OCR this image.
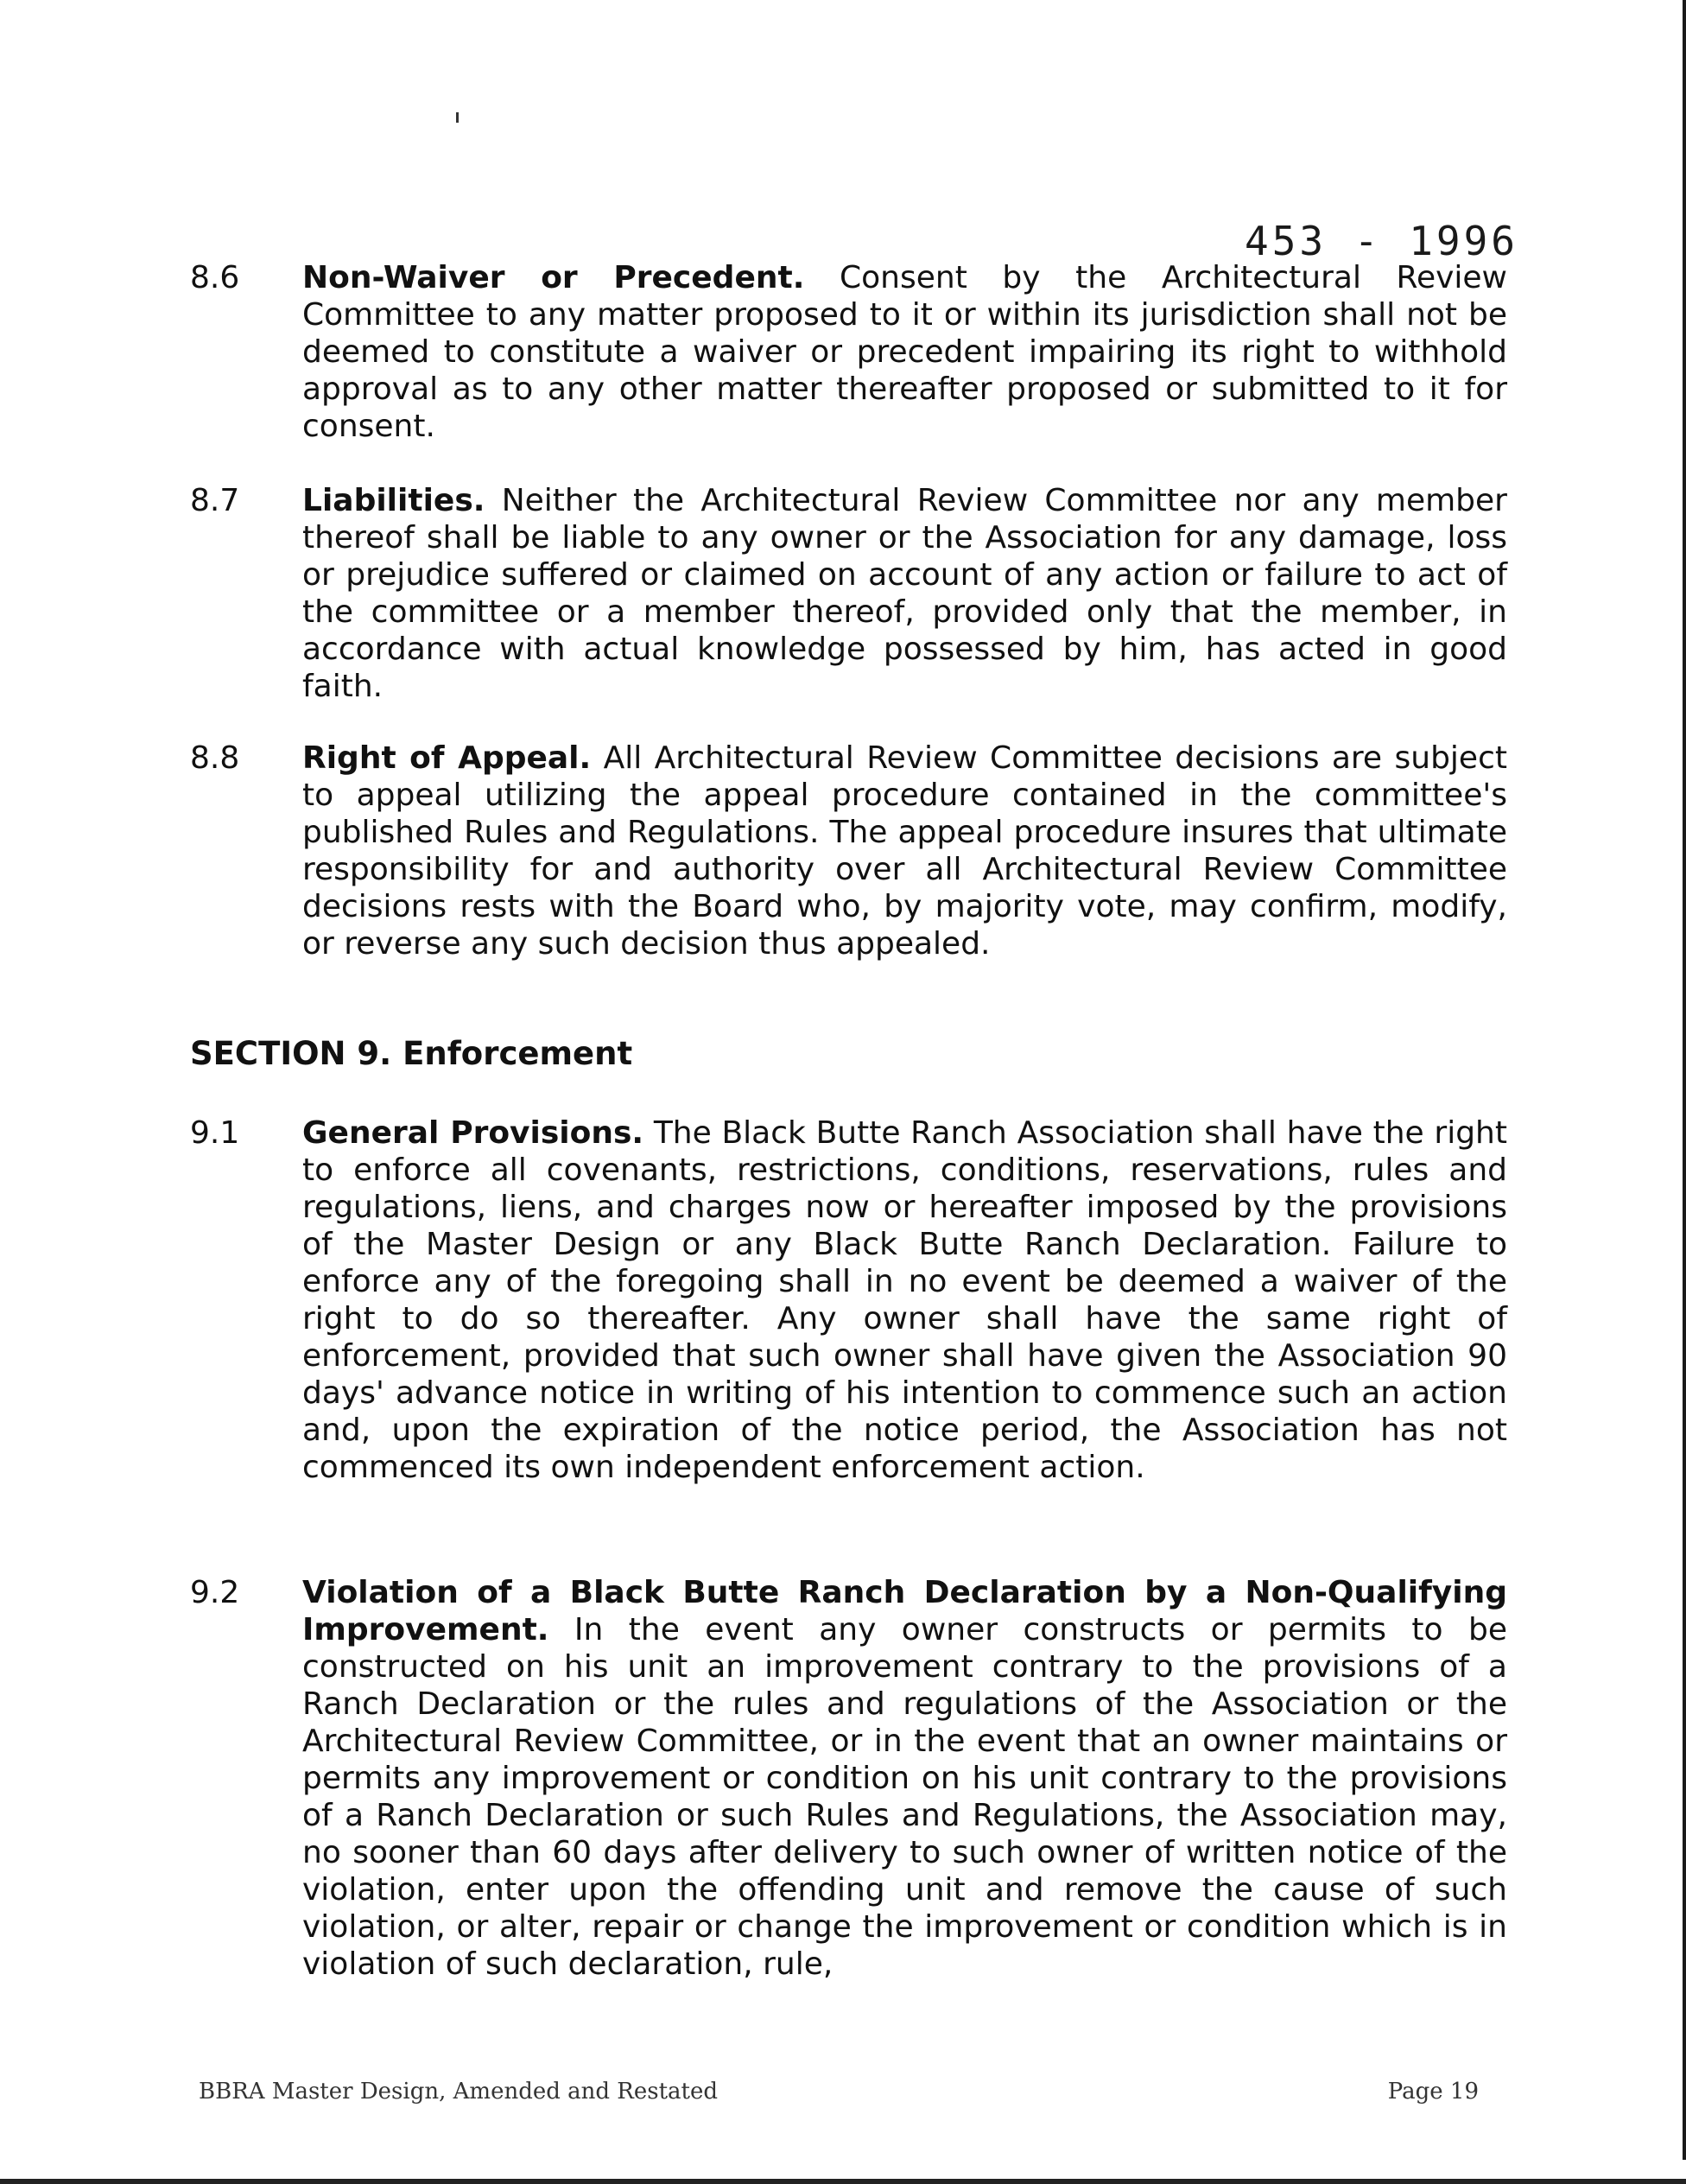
453 - 1996
8.6 Non-Waiver or Precedent. Consent by the Architectural Review Committee to any matter proposed to it or within its jurisdiction shall not be deemed to constitute a waiver or precedent impairing its right to withhold approval as to any other matter thereafter proposed or submitted to it for consent.
8.7 Liabilities. Neither the Architectural Review Committee nor any member thereof shall be liable to any owner or the Association for any damage, loss or prejudice suffered or claimed on account of any action or failure to act of the committee or a member thereof, provided only that the member, in accordance with actual knowledge possessed by him, has acted in good faith.
8.8 Right of Appeal. All Architectural Review Committee decisions are subject to appeal utilizing the appeal procedure contained in the committee's published Rules and Regulations. The appeal procedure insures that ultimate responsibility for and authority over all Architectural Review Committee decisions rests with the Board who, by majority vote, may confirm, modify, or reverse any such decision thus appealed.
SECTION 9. Enforcement
9.1 General Provisions. The Black Butte Ranch Association shall have the right to enforce all covenants, restrictions, conditions, reservations, rules and regulations, liens, and charges now or hereafter imposed by the provisions of the Master Design or any Black Butte Ranch Declaration. Failure to enforce any of the foregoing shall in no event be deemed a waiver of the right to do so thereafter. Any owner shall have the same right of enforcement, provided that such owner shall have given the Association 90 days' advance notice in writing of his intention to commence such an action and, upon the expiration of the notice period, the Association has not commenced its own independent enforcement action.
9.2 Violation of a Black Butte Ranch Declaration by a Non-Qualifying Improvement. In the event any owner constructs or permits to be constructed on his unit an improvement contrary to the provisions of a Ranch Declaration or the rules and regulations of the Association or the Architectural Review Committee, or in the event that an owner maintains or permits any improvement or condition on his unit contrary to the provisions of a Ranch Declaration or such Rules and Regulations, the Association may, no sooner than 60 days after delivery to such owner of written notice of the violation, enter upon the offending unit and remove the cause of such violation, or alter, repair or change the improvement or condition which is in violation of such declaration, rule,
BBRA Master Design, Amended and Restated	Page 19
